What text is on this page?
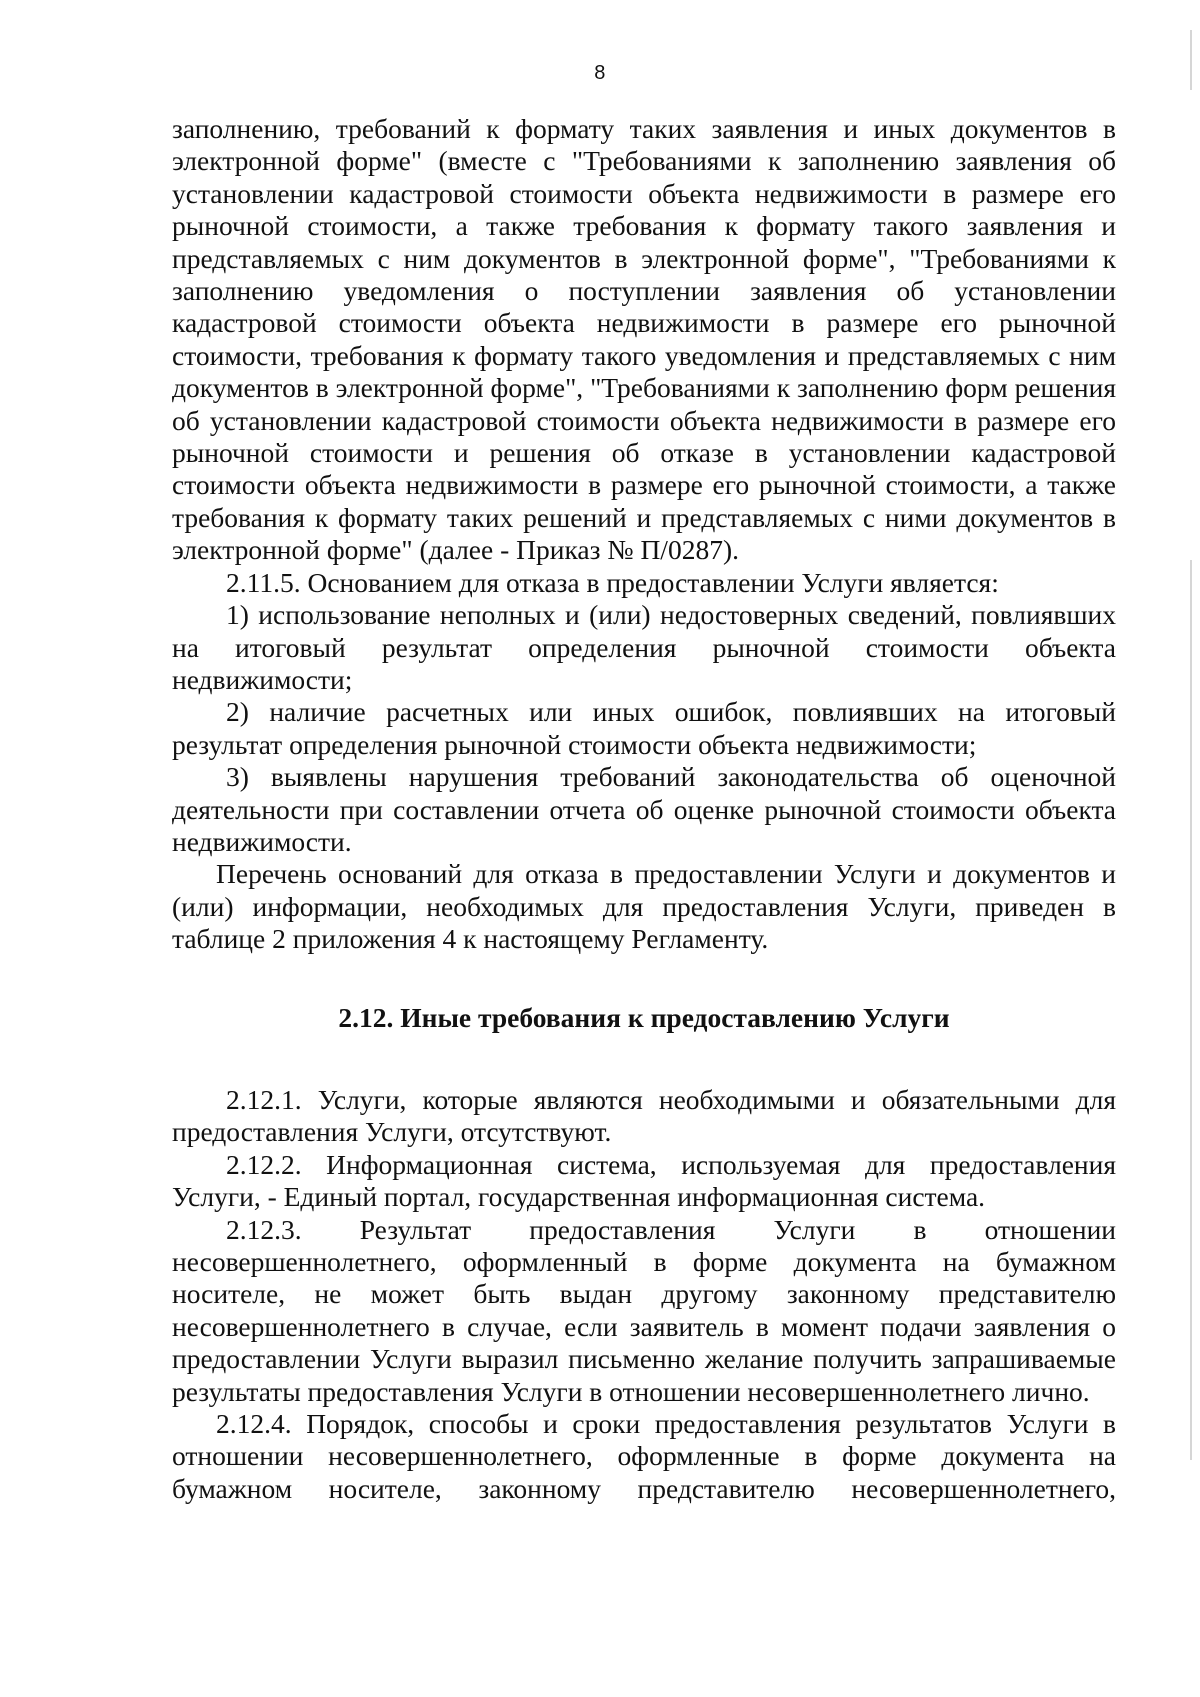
8

заполнению, требований к формату таких заявления и иных документов в электронной форме" (вместе с "Требованиями к заполнению заявления об установлении кадастровой стоимости объекта недвижимости в размере его рыночной стоимости, а также требования к формату такого заявления и представляемых с ним документов в электронной форме", "Требованиями к заполнению уведомления о поступлении заявления об установлении кадастровой стоимости объекта недвижимости в размере его рыночной стоимости, требования к формату такого уведомления и представляемых с ним документов в электронной форме", "Требованиями к заполнению форм решения об установлении кадастровой стоимости объекта недвижимости в размере его рыночной стоимости и решения об отказе в установлении кадастровой стоимости объекта недвижимости в размере его рыночной стоимости, а также требования к формату таких решений и представляемых с ними документов в электронной форме" (далее - Приказ № П/0287).

2.11.5. Основанием для отказа в предоставлении Услуги является:

1) использование неполных и (или) недостоверных сведений, повлиявших на итоговый результат определения рыночной стоимости объекта недвижимости;

2) наличие расчетных или иных ошибок, повлиявших на итоговый результат определения рыночной стоимости объекта недвижимости;

3) выявлены нарушения требований законодательства об оценочной деятельности при составлении отчета об оценке рыночной стоимости объекта недвижимости.

Перечень оснований для отказа в предоставлении Услуги и документов и (или) информации, необходимых для предоставления Услуги, приведен в таблице 2 приложения 4 к настоящему Регламенту.

2.12. Иные требования к предоставлению Услуги

2.12.1. Услуги, которые являются необходимыми и обязательными для предоставления Услуги, отсутствуют.

2.12.2. Информационная система, используемая для предоставления Услуги, - Единый портал, государственная информационная система.

2.12.3. Результат предоставления Услуги в отношении несовершеннолетнего, оформленный в форме документа на бумажном носителе, не может быть выдан другому законному представителю несовершеннолетнего в случае, если заявитель в момент подачи заявления о предоставлении Услуги выразил письменно желание получить запрашиваемые результаты предоставления Услуги в отношении несовершеннолетнего лично.

2.12.4. Порядок, способы и сроки предоставления результатов Услуги в отношении несовершеннолетнего, оформленные в форме документа на бумажном носителе, законному представителю несовершеннолетнего,
